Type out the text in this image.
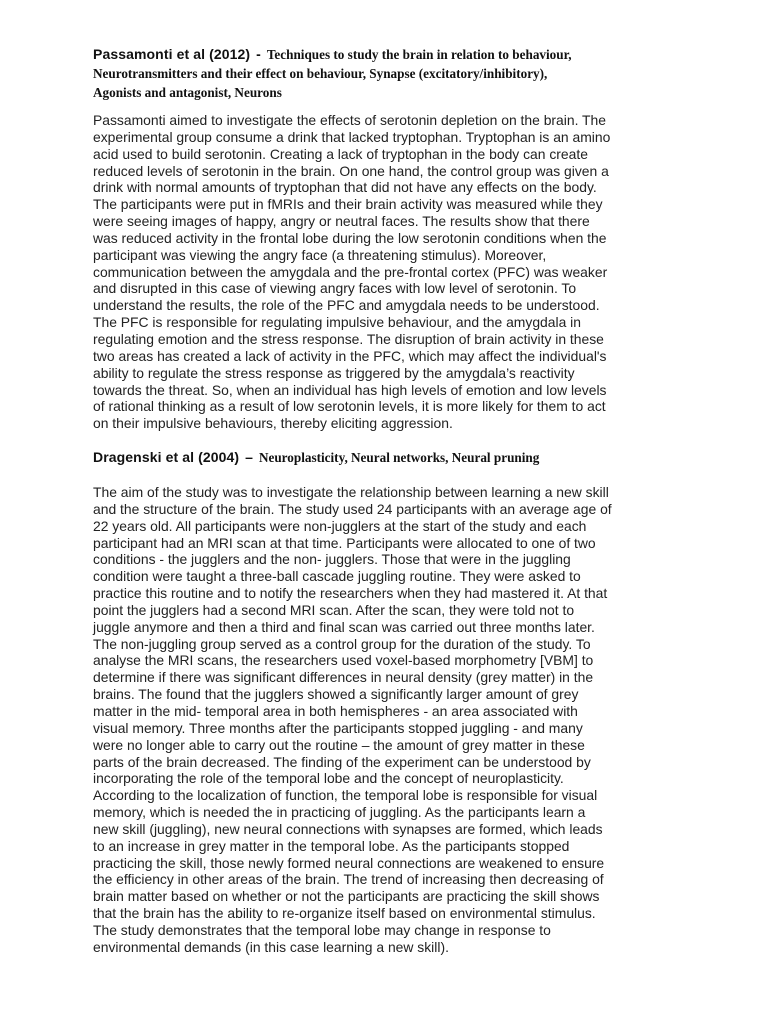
Passamonti et al (2012) - Techniques to study the brain in relation to behaviour,
Neurotransmitters and their effect on behaviour, Synapse (excitatory/inhibitory),
Agonists and antagonist, Neurons
Passamonti aimed to investigate the effects of serotonin depletion on the brain. The
experimental group consume a drink that lacked tryptophan. Tryptophan is an amino
acid used to build serotonin. Creating a lack of tryptophan in the body can create
reduced levels of serotonin in the brain. On one hand, the control group was given a
drink with normal amounts of tryptophan that did not have any effects on the body.
The participants were put in fMRIs and their brain activity was measured while they
were seeing images of happy, angry or neutral faces. The results show that there
was reduced activity in the frontal lobe during the low serotonin conditions when the
participant was viewing the angry face (a threatening stimulus). Moreover,
communication between the amygdala and the pre-frontal cortex (PFC) was weaker
and disrupted in this case of viewing angry faces with low level of serotonin. To
understand the results, the role of the PFC and amygdala needs to be understood.
The PFC is responsible for regulating impulsive behaviour, and the amygdala in
regulating emotion and the stress response. The disruption of brain activity in these
two areas has created a lack of activity in the PFC, which may affect the individual's
ability to regulate the stress response as triggered by the amygdala’s reactivity
towards the threat. So, when an individual has high levels of emotion and low levels
of rational thinking as a result of low serotonin levels, it is more likely for them to act
on their impulsive behaviours, thereby eliciting aggression.
Dragenski et al (2004) – Neuroplasticity, Neural networks, Neural pruning
The aim of the study was to investigate the relationship between learning a new skill
and the structure of the brain. The study used 24 participants with an average age of
22 years old. All participants were non-jugglers at the start of the study and each
participant had an MRI scan at that time. Participants were allocated to one of two
conditions - the jugglers and the non- jugglers. Those that were in the juggling
condition were taught a three-ball cascade juggling routine. They were asked to
practice this routine and to notify the researchers when they had mastered it. At that
point the jugglers had a second MRI scan. After the scan, they were told not to
juggle anymore and then a third and final scan was carried out three months later.
The non-juggling group served as a control group for the duration of the study. To
analyse the MRI scans, the researchers used voxel-based morphometry [VBM] to
determine if there was significant differences in neural density (grey matter) in the
brains. The found that the jugglers showed a significantly larger amount of grey
matter in the mid- temporal area in both hemispheres - an area associated with
visual memory. Three months after the participants stopped juggling - and many
were no longer able to carry out the routine – the amount of grey matter in these
parts of the brain decreased. The finding of the experiment can be understood by
incorporating the role of the temporal lobe and the concept of neuroplasticity.
According to the localization of function, the temporal lobe is responsible for visual
memory, which is needed the in practicing of juggling. As the participants learn a
new skill (juggling), new neural connections with synapses are formed, which leads
to an increase in grey matter in the temporal lobe. As the participants stopped
practicing the skill, those newly formed neural connections are weakened to ensure
the efficiency in other areas of the brain. The trend of increasing then decreasing of
brain matter based on whether or not the participants are practicing the skill shows
that the brain has the ability to re-organize itself based on environmental stimulus.
The study demonstrates that the temporal lobe may change in response to
environmental demands (in this case learning a new skill).
